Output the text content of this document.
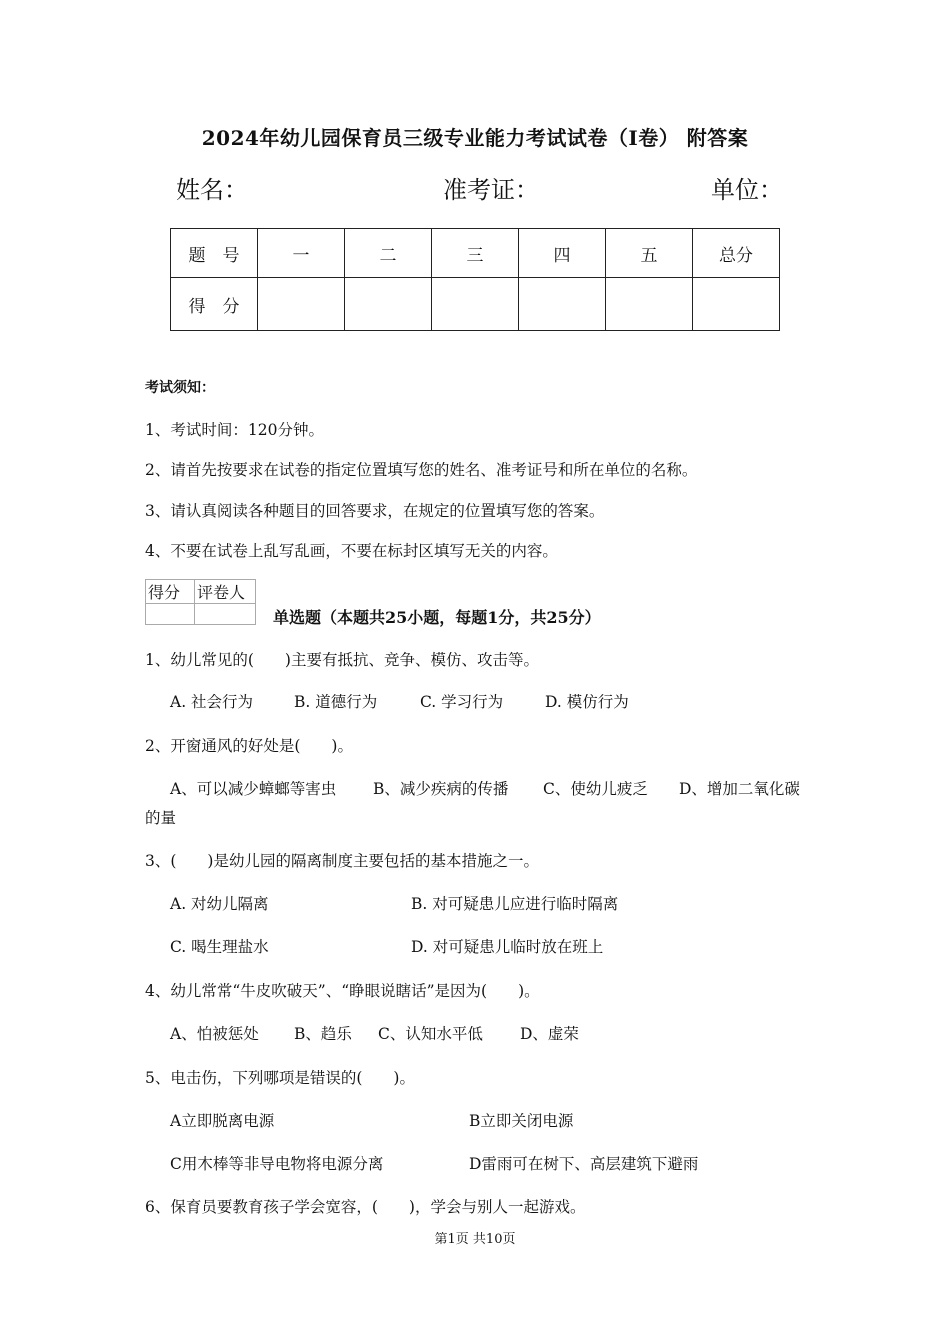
2024年幼儿园保育员三级专业能力考试试卷（I卷） 附答案
姓名：	准考证：	单位：
题　号	一	二	三	四	五	总分
得　分						
考试须知：
1、考试时间：120分钟。
2、请首先按要求在试卷的指定位置填写您的姓名、准考证号和所在单位的名称。
3、请认真阅读各种题目的回答要求，在规定的位置填写您的答案。
4、不要在试卷上乱写乱画，不要在标封区填写无关的内容。
得分	评卷人

单选题（本题共25小题，每题1分，共25分）
1、幼儿常见的(　　)主要有抵抗、竞争、模仿、攻击等。
A. 社会行为	B. 道德行为	C. 学习行为	D. 模仿行为
2、开窗通风的好处是(　　)。
A、可以减少蟑螂等害虫 B、减少疾病的传播 C、使幼儿疲乏 D、增加二氧化碳
的量
3、(　　)是幼儿园的隔离制度主要包括的基本措施之一。
A. 对幼儿隔离	B. 对可疑患儿应进行临时隔离
C. 喝生理盐水	D. 对可疑患儿临时放在班上
4、幼儿常常“牛皮吹破天”、“睁眼说瞎话”是因为(　　)。
A、怕被惩处 B、趋乐 C、认知水平低 D、虚荣
5、电击伤，下列哪项是错误的(　　)。
A立即脱离电源	B立即关闭电源
C用木棒等非导电物将电源分离	D雷雨可在树下、高层建筑下避雨
6、保育员要教育孩子学会宽容，(　　)，学会与别人一起游戏。
第1页 共10页
